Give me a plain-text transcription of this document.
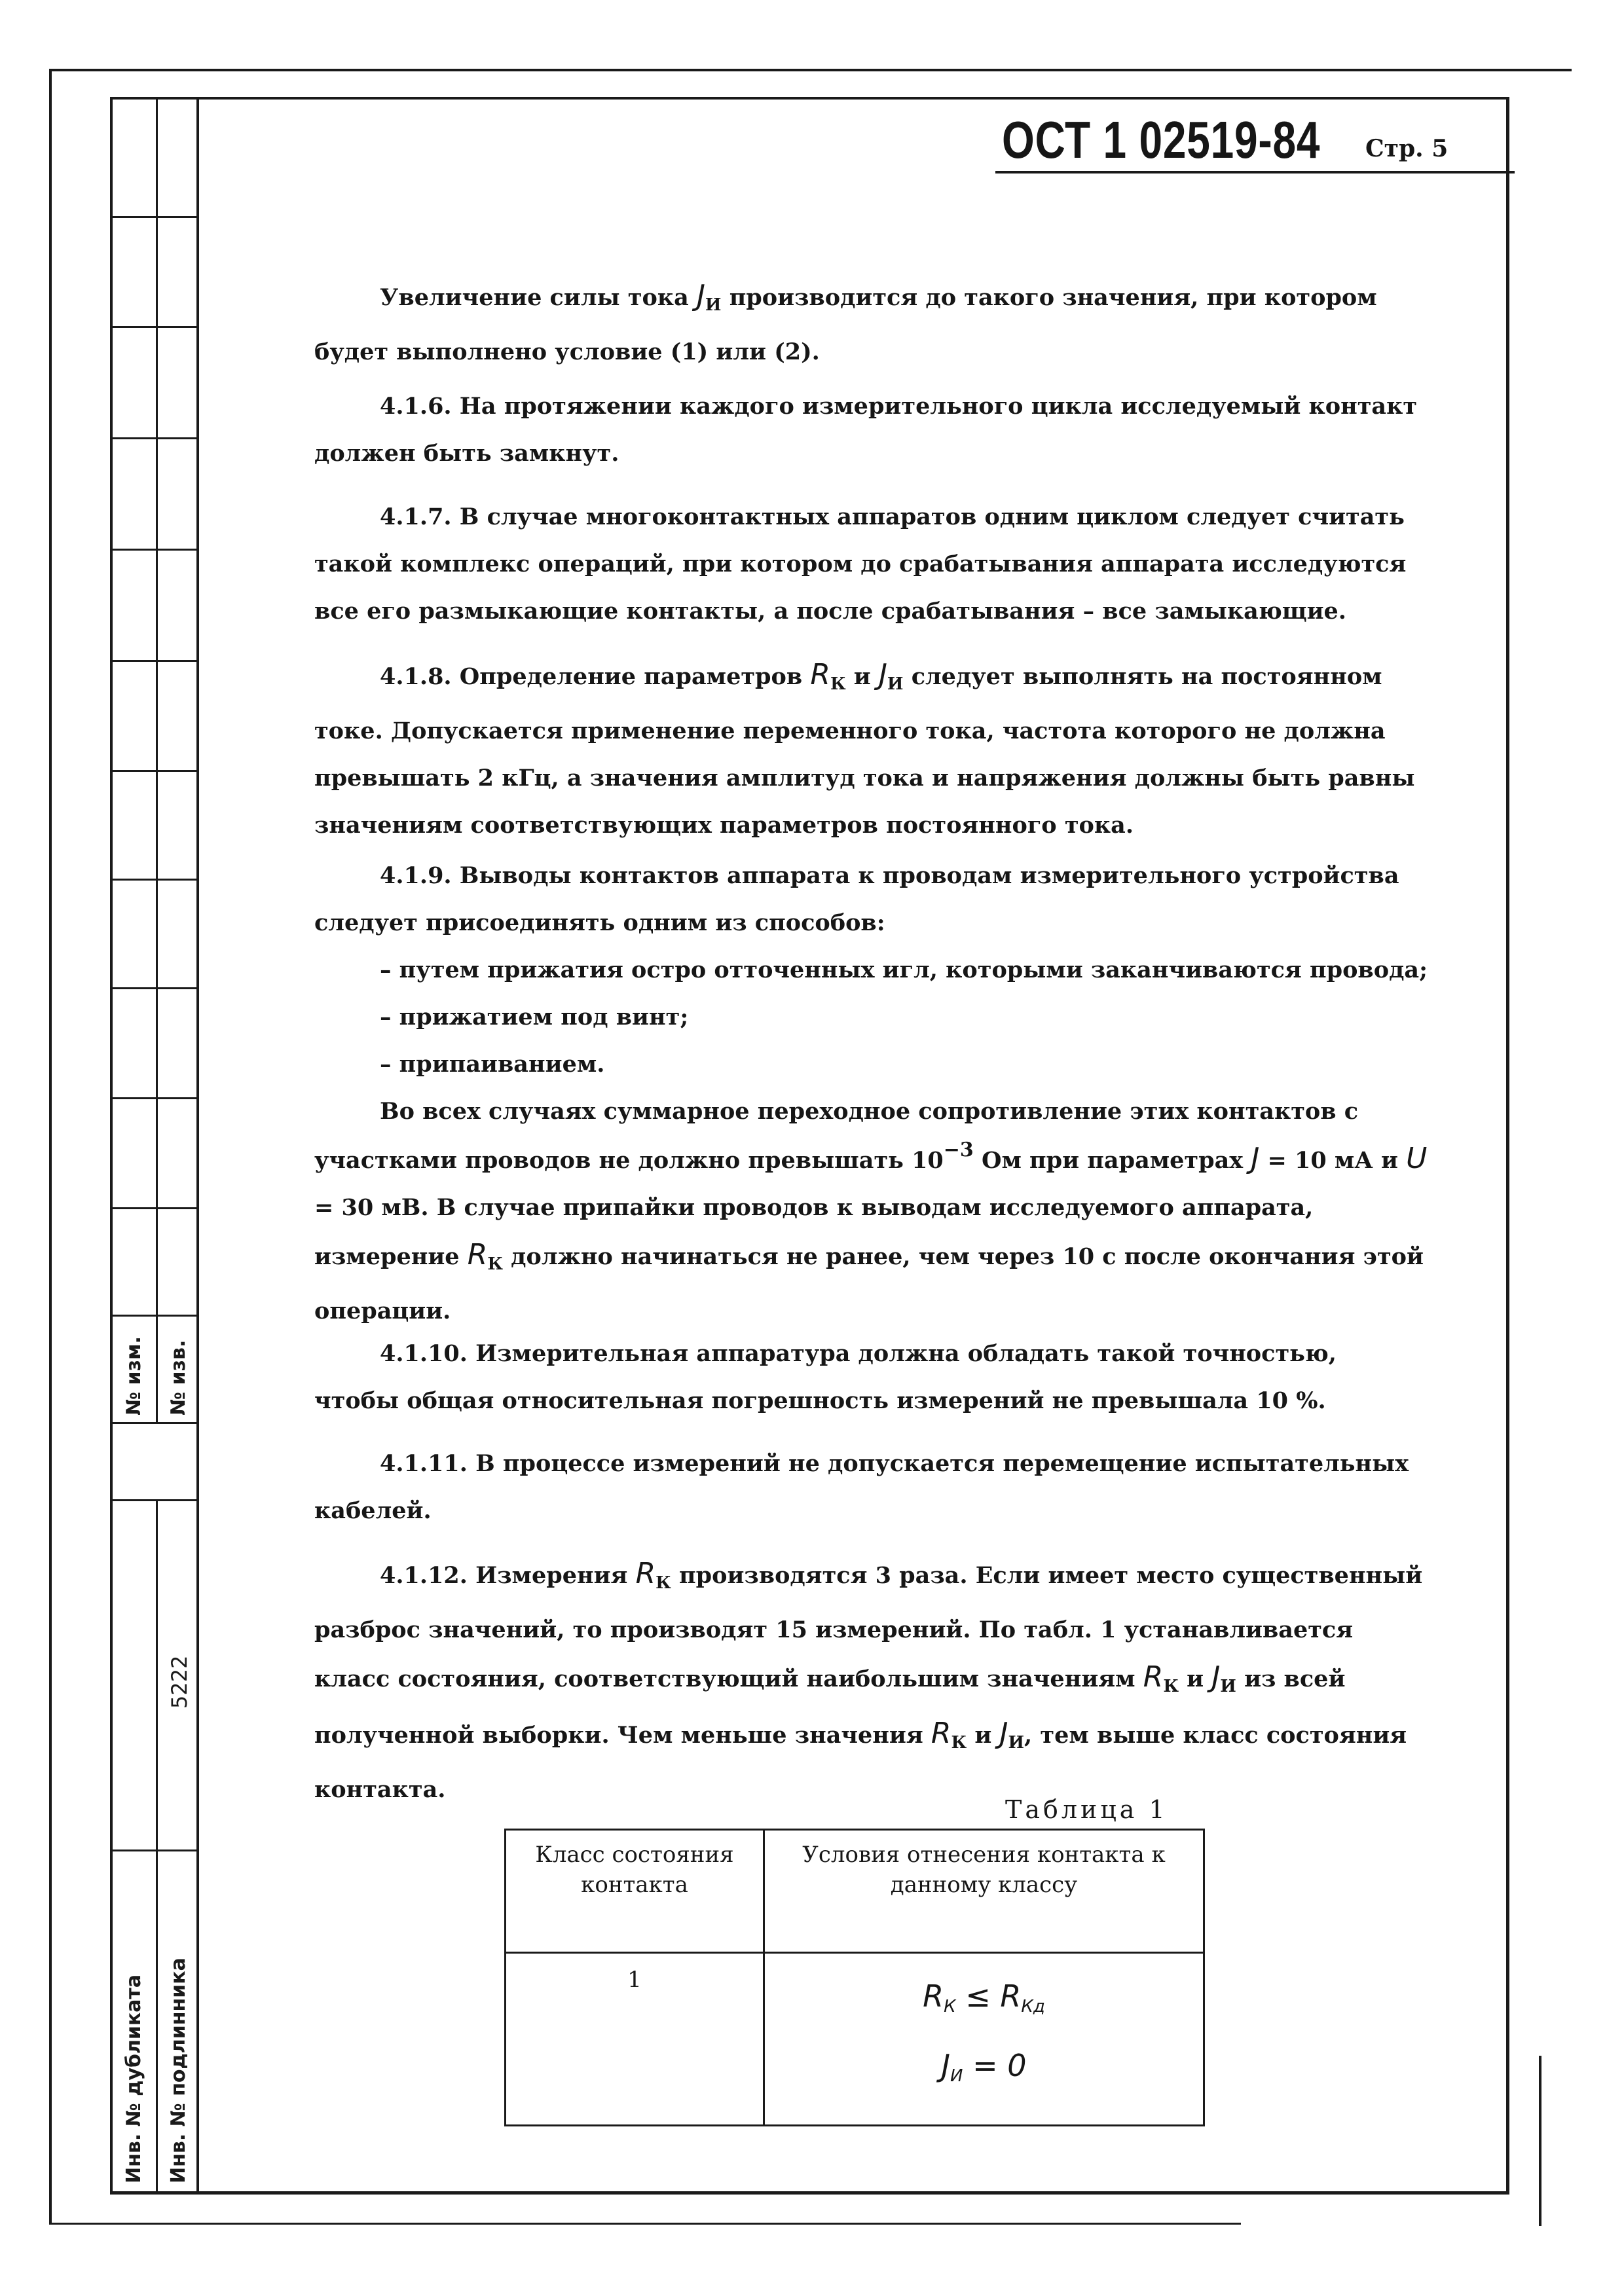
№ изм. № изв.
5222
Инв. № дубликата Инв. № подлинника
ОСТ 1 02519-84 Стр. 5
Увеличение силы тока $J_И$ производится до такого значения, при котором будет выполнено условие (1) или (2).
4.1.6. На протяжении каждого измерительного цикла исследуемый контакт должен быть замкнут.
4.1.7. В случае многоконтактных аппаратов одним циклом следует считать такой комплекс операций, при котором до срабатывания аппарата исследуются все его размыкающие контакты, а после срабатывания – все замыкающие.
4.1.8. Определение параметров $R_К$ и $J_И$ следует выполнять на постоянном токе. Допускается применение переменного тока, частота которого не должна превышать 2 кГц, а значения амплитуд тока и напряжения должны быть равны значениям соответствующих параметров постоянного тока.
4.1.9. Выводы контактов аппарата к проводам измерительного устройства следует присоединять одним из способов:
– путем прижатия остро отточенных игл, которыми заканчиваются провода;
– прижатием под винт;
– припаиванием.
Во всех случаях суммарное переходное сопротивление этих контактов с участками проводов не должно превышать $10^{-3}$ Ом при параметрах J = 10 мА и U = 30 мВ. В случае припайки проводов к выводам исследуемого аппарата, измерение $R_К$ должно начинаться не ранее, чем через 10 с после окончания этой операции.
4.1.10. Измерительная аппаратура должна обладать такой точностью, чтобы общая относительная погрешность измерений не превышала 10 %.
4.1.11. В процессе измерений не допускается перемещение испытательных кабелей.
4.1.12. Измерения $R_К$ производятся 3 раза. Если имеет место существенный разброс значений, то производят 15 измерений. По табл. 1 устанавливается класс состояния, соответствующий наибольшим значениям $R_К$ и $J_И$ из всей полученной выборки. Чем меньше значения $R_К$ и $J_И$, тем выше класс состояния контакта.
Таблица 1
Класс состояния контакта	Условия отнесения контакта к данному классу
1	$R_К \le R_{Кд}$
$J_И = 0$
